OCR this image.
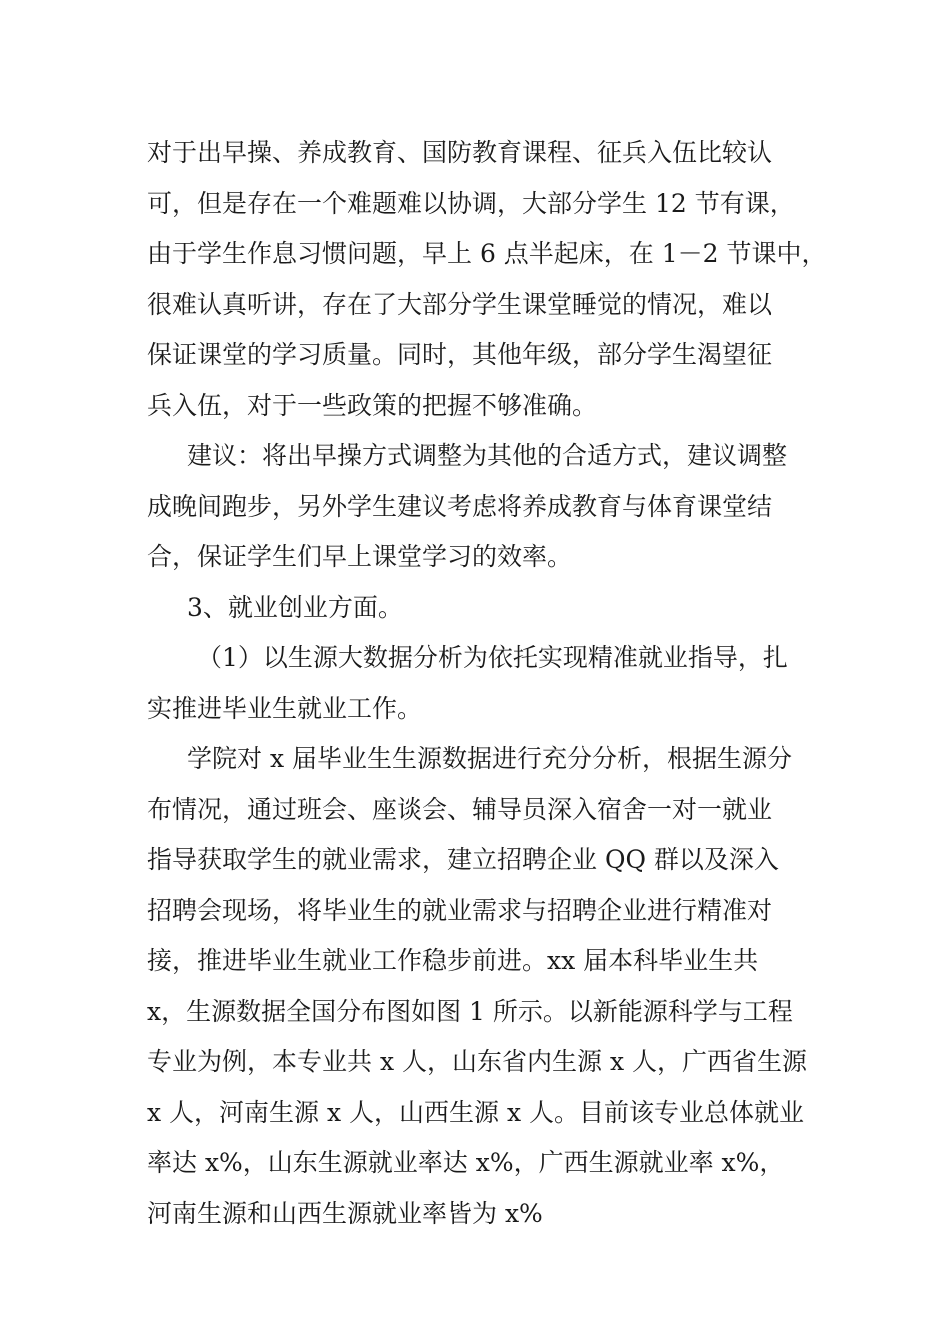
对于出早操、养成教育、国防教育课程、征兵入伍比较认
可，但是存在一个难题难以协调，大部分学生 12 节有课，
由于学生作息习惯问题，早上 6 点半起床，在 1－2 节课中，
很难认真听讲，存在了大部分学生课堂睡觉的情况，难以
保证课堂的学习质量。同时，其他年级，部分学生渴望征
兵入伍，对于一些政策的把握不够准确。
建议：将出早操方式调整为其他的合适方式，建议调整
成晚间跑步，另外学生建议考虑将养成教育与体育课堂结
合，保证学生们早上课堂学习的效率。
3、就业创业方面。
（1）以生源大数据分析为依托实现精准就业指导，扎
实推进毕业生就业工作。
学院对 x 届毕业生生源数据进行充分分析，根据生源分
布情况，通过班会、座谈会、辅导员深入宿舍一对一就业
指导获取学生的就业需求，建立招聘企业 QQ 群以及深入
招聘会现场，将毕业生的就业需求与招聘企业进行精准对
接，推进毕业生就业工作稳步前进。xx 届本科毕业生共
x，生源数据全国分布图如图 1 所示。以新能源科学与工程
专业为例，本专业共 x 人，山东省内生源 x 人，广西省生源
x 人，河南生源 x 人，山西生源 x 人。目前该专业总体就业
率达 x%，山东生源就业率达 x%，广西生源就业率 x%，
河南生源和山西生源就业率皆为 x%
